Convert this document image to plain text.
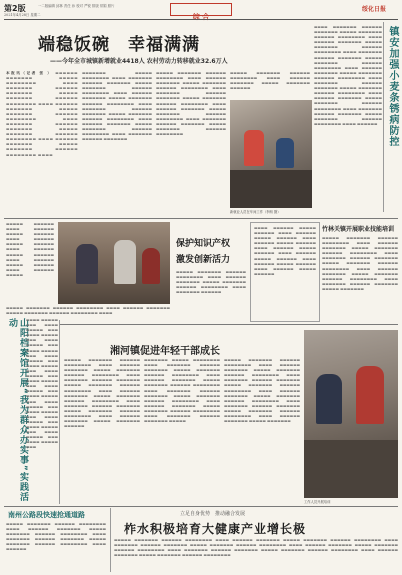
第2版
2021年4月28日 星期二
一二版编辑 邱林 责任 孙 校对 严锐 排版 常娟 照片
综 合
绥化日报
端稳饭碗　幸福满满
——今年全市城镇新增就业4418人 农村劳动力转移就业32.6万人
本报讯（记者 张 ） ▬▬▬▬▬▬ ▬▬▬▬▬▬▬ ▬▬▬▬▬ ▬▬▬▬▬▬▬▬ ▬▬▬▬ ▬▬▬▬▬▬▬ ▬▬▬▬▬▬ ▬▬▬▬▬▬▬ ▬▬▬▬▬ ▬▬▬▬▬▬▬ ▬▬▬▬▬▬ ▬▬▬▬▬▬▬▬ ▬▬▬▬ ▬▬▬▬▬▬ ▬▬▬▬▬▬▬ ▬▬▬▬▬ ▬▬▬▬▬▬▬ ▬▬▬▬▬▬ ▬▬▬▬▬▬▬▬ ▬▬▬▬ ▬▬▬▬▬▬▬ ▬▬▬▬▬▬ ▬▬▬▬▬▬▬ ▬▬▬▬▬ ▬▬▬▬▬▬▬ ▬▬▬▬▬▬ ▬▬▬▬▬▬▬▬ ▬▬▬▬ ▬▬▬▬▬▬ ▬▬▬▬▬▬▬ ▬▬▬▬▬ ▬▬▬▬▬▬▬ ▬▬▬▬▬▬ ▬▬▬▬▬▬▬▬ ▬▬▬▬
▬▬▬▬▬▬▬ ▬▬▬▬▬ ▬▬▬▬▬▬▬▬ ▬▬▬▬ ▬▬▬▬▬▬▬ ▬▬▬▬▬▬ ▬▬▬▬▬▬▬ ▬▬▬▬▬ ▬▬▬▬▬▬▬ ▬▬▬▬▬▬ ▬▬▬▬▬▬▬▬ ▬▬▬▬ ▬▬▬▬▬▬ ▬▬▬▬▬▬▬ ▬▬▬▬▬ ▬▬▬▬▬▬▬ ▬▬▬▬▬▬ ▬▬▬▬▬▬▬▬ ▬▬▬▬ ▬▬▬▬▬▬▬ ▬▬▬▬▬▬ ▬▬▬▬▬▬▬ ▬▬▬▬▬ ▬▬▬▬▬▬▬ ▬▬▬▬▬▬ ▬▬▬▬▬▬▬▬ ▬▬▬▬ ▬▬▬▬▬▬ ▬▬▬▬▬▬▬ ▬▬▬▬▬ ▬▬▬▬▬▬▬ ▬▬▬▬▬▬ ▬▬▬▬▬▬▬▬ ▬▬▬▬ ▬▬▬▬▬▬▬ ▬▬▬▬▬▬ ▬▬▬▬▬▬▬
▬▬▬▬▬ ▬▬▬▬▬▬▬ ▬▬▬▬▬▬ ▬▬▬▬▬▬▬▬ ▬▬▬▬ ▬▬▬▬▬▬ ▬▬▬▬▬▬▬ ▬▬▬▬▬ ▬▬▬▬▬▬▬ ▬▬▬▬▬▬ ▬▬▬▬▬▬▬▬ ▬▬▬▬ ▬▬▬▬▬▬▬ ▬▬▬▬▬▬ ▬▬▬▬▬▬▬ ▬▬▬▬▬ ▬▬▬▬▬▬▬ ▬▬▬▬▬▬ ▬▬▬▬▬▬▬▬ ▬▬▬▬ ▬▬▬▬▬▬ ▬▬▬▬▬▬▬ ▬▬▬▬▬ ▬▬▬▬▬▬▬ ▬▬▬▬▬▬ ▬▬▬▬▬▬▬▬ ▬▬▬▬ ▬▬▬▬▬▬▬ ▬▬▬▬▬▬ ▬▬▬▬▬▬▬ ▬▬▬▬▬ ▬▬▬▬▬▬▬ ▬▬▬▬▬▬ ▬▬▬▬▬▬▬▬
▬▬▬▬▬ ▬▬▬▬▬▬▬ ▬▬▬▬▬▬ ▬▬▬▬▬▬▬▬ ▬▬▬▬ ▬▬▬▬▬▬ ▬▬▬▬▬▬▬ ▬▬▬▬▬ ▬▬▬▬▬▬▬ ▬▬▬▬▬▬
新就业人员在车间工作（李朗 摄）
▬▬▬▬ ▬▬▬▬▬▬▬ ▬▬▬▬▬▬ ▬▬▬▬▬▬▬ ▬▬▬▬▬ ▬▬▬▬▬▬▬ ▬▬▬▬▬▬ ▬▬▬▬▬▬▬▬ ▬▬▬▬ ▬▬▬▬▬▬ ▬▬▬▬▬▬▬ ▬▬▬▬▬ ▬▬▬▬▬▬▬ ▬▬▬▬▬▬ ▬▬▬▬▬▬▬▬ ▬▬▬▬ ▬▬▬▬▬▬▬ ▬▬▬▬▬▬ ▬▬▬▬▬▬▬ ▬▬▬▬▬ ▬▬▬▬▬▬▬ ▬▬▬▬▬▬ ▬▬▬▬▬▬▬▬ ▬▬▬▬ ▬▬▬▬▬▬ ▬▬▬▬▬▬▬ ▬▬▬▬▬ ▬▬▬▬▬▬▬ ▬▬▬▬▬▬ ▬▬▬▬▬▬▬▬ ▬▬▬▬ ▬▬▬▬▬▬▬ ▬▬▬▬▬▬ ▬▬▬▬▬▬▬ ▬▬▬▬▬ ▬▬▬▬▬▬▬ ▬▬▬▬▬▬ ▬▬▬▬▬▬▬▬ ▬▬▬▬ ▬▬▬▬▬▬ ▬▬▬▬▬▬▬ ▬▬▬▬▬ ▬▬▬▬▬▬▬ ▬▬▬▬▬▬ ▬▬▬▬▬▬▬▬ ▬▬▬▬ ▬▬▬▬▬▬▬ ▬▬▬▬▬▬ ▬▬▬▬▬▬▬ ▬▬▬▬▬ ▬▬▬▬▬▬▬ ▬▬▬▬▬▬ ▬▬▬▬▬▬▬▬ ▬▬▬▬ ▬▬▬▬▬▬ 镇安加强小麦条锈病防控
▬▬▬▬▬ ▬▬▬▬▬▬ ▬▬▬▬ ▬▬▬▬▬▬ ▬▬▬▬▬ ▬▬▬▬▬▬ ▬▬▬▬ ▬▬▬▬▬▬ ▬▬▬▬▬ ▬▬▬▬▬▬ ▬▬▬▬ ▬▬▬▬▬▬ ▬▬▬▬▬ ▬▬▬▬▬▬ ▬▬▬▬ ▬▬▬▬▬▬ ▬▬▬▬▬ ▬▬▬▬▬▬ ▬▬▬▬ ▬▬▬▬▬▬ ▬▬▬▬▬
▬▬▬▬▬ ▬▬▬▬▬▬▬ ▬▬▬▬▬▬ ▬▬▬▬▬▬▬▬ ▬▬▬▬ ▬▬▬▬▬▬ ▬▬▬▬▬▬▬ ▬▬▬▬▬ ▬▬▬▬▬▬▬ ▬▬▬▬▬▬ ▬▬▬▬▬▬▬▬ ▬▬▬▬
保护知识产权
激发创新活力
▬▬▬▬▬ ▬▬▬▬▬▬▬ ▬▬▬▬▬▬ ▬▬▬▬▬▬▬▬ ▬▬▬▬ ▬▬▬▬▬▬ ▬▬▬▬▬▬▬ ▬▬▬▬▬ ▬▬▬▬▬▬▬ ▬▬▬▬▬▬ ▬▬▬▬▬▬▬▬ ▬▬▬▬ ▬▬▬▬▬▬▬ ▬▬▬▬▬▬
▬▬▬▬ ▬▬▬▬▬▬ ▬▬▬▬▬ ▬▬▬▬▬▬ ▬▬▬▬ ▬▬▬▬▬▬ ▬▬▬▬▬ ▬▬▬▬▬▬ ▬▬▬▬ ▬▬▬▬▬▬ ▬▬▬▬▬ ▬▬▬▬▬▬ ▬▬▬▬ ▬▬▬▬▬▬ ▬▬▬▬▬ ▬▬▬▬▬▬ ▬▬▬▬ ▬▬▬▬▬▬ ▬▬▬▬▬ ▬▬▬▬▬▬ ▬▬▬▬ ▬▬▬▬▬▬ ▬▬▬▬▬ ▬▬▬▬▬▬ ▬▬▬▬ ▬▬▬▬▬▬ ▬▬▬▬▬ ▬▬▬▬▬▬
竹林关镇开展职业技能培训
▬▬▬▬▬ ▬▬▬▬▬▬▬ ▬▬▬▬▬▬ ▬▬▬▬▬▬▬▬ ▬▬▬▬ ▬▬▬▬▬▬ ▬▬▬▬▬▬▬ ▬▬▬▬▬ ▬▬▬▬▬▬▬ ▬▬▬▬▬▬ ▬▬▬▬▬▬▬▬ ▬▬▬▬ ▬▬▬▬▬▬▬ ▬▬▬▬▬▬ ▬▬▬▬▬▬▬ ▬▬▬▬▬ ▬▬▬▬▬▬▬ ▬▬▬▬▬▬ ▬▬▬▬▬▬▬▬ ▬▬▬▬ ▬▬▬▬▬▬ ▬▬▬▬▬▬▬ ▬▬▬▬▬ ▬▬▬▬▬▬▬ ▬▬▬▬▬▬ ▬▬▬▬▬▬▬▬ ▬▬▬▬ ▬▬▬▬▬▬▬ ▬▬▬▬▬▬ ▬▬▬▬▬▬▬ ▬▬▬▬▬ ▬▬▬▬▬▬▬
山阳档案馆开展“我为群众办实事”实践活动	▬▬▬▬ ▬▬▬▬▬ ▬▬▬ ▬▬▬▬ ▬▬▬▬▬ ▬▬▬ ▬▬▬▬ ▬▬▬▬▬ ▬▬▬ ▬▬▬▬ ▬▬▬▬▬ ▬▬▬ ▬▬▬▬ ▬▬▬▬▬ ▬▬▬ ▬▬▬▬ ▬▬▬▬▬ ▬▬▬ ▬▬▬▬ ▬▬▬▬▬ ▬▬▬ ▬▬▬▬ ▬▬▬▬▬ ▬▬▬ ▬▬▬▬ ▬▬▬▬▬ ▬▬▬ ▬▬▬▬ ▬▬▬▬▬ ▬▬▬ ▬▬▬▬ ▬▬▬▬▬ ▬▬▬ ▬▬▬▬ ▬▬▬▬▬ ▬▬▬ ▬▬▬▬ ▬▬▬▬▬ ▬▬▬ ▬▬▬▬ ▬▬▬▬▬ ▬▬▬ ▬▬▬▬ ▬▬▬▬▬ ▬▬▬ ▬▬▬▬ ▬▬▬▬▬ ▬▬▬ ▬▬▬▬ ▬▬▬▬▬ ▬▬▬
湘河镇促进年轻干部成长
▬▬▬▬▬ ▬▬▬▬▬▬▬ ▬▬▬▬▬▬ ▬▬▬▬▬▬▬▬ ▬▬▬▬ ▬▬▬▬▬▬ ▬▬▬▬▬▬▬ ▬▬▬▬▬ ▬▬▬▬▬▬▬ ▬▬▬▬▬▬ ▬▬▬▬▬▬▬▬ ▬▬▬▬ ▬▬▬▬▬▬▬ ▬▬▬▬▬▬ ▬▬▬▬▬▬▬ ▬▬▬▬▬ ▬▬▬▬▬▬▬ ▬▬▬▬▬▬ ▬▬▬▬▬▬▬▬ ▬▬▬▬ ▬▬▬▬▬▬ ▬▬▬▬▬▬▬ ▬▬▬▬▬ ▬▬▬▬▬▬▬ ▬▬▬▬▬▬ ▬▬▬▬▬▬▬▬ ▬▬▬▬ ▬▬▬▬▬▬▬ ▬▬▬▬▬▬ ▬▬▬▬▬▬▬ ▬▬▬▬▬ ▬▬▬▬▬▬▬ ▬▬▬▬▬▬ ▬▬▬▬▬▬▬▬ ▬▬▬▬ ▬▬▬▬▬▬ ▬▬▬▬▬▬▬ ▬▬▬▬▬ ▬▬▬▬▬▬▬ ▬▬▬▬▬▬
▬▬▬▬▬▬▬ ▬▬▬▬▬ ▬▬▬▬▬▬▬▬ ▬▬▬▬ ▬▬▬▬▬▬▬ ▬▬▬▬▬▬ ▬▬▬▬▬▬▬ ▬▬▬▬▬ ▬▬▬▬▬▬▬ ▬▬▬▬▬▬ ▬▬▬▬▬▬▬▬ ▬▬▬▬ ▬▬▬▬▬▬ ▬▬▬▬▬▬▬ ▬▬▬▬▬ ▬▬▬▬▬▬▬ ▬▬▬▬▬▬ ▬▬▬▬▬▬▬▬ ▬▬▬▬ ▬▬▬▬▬▬▬ ▬▬▬▬▬▬ ▬▬▬▬▬▬▬ ▬▬▬▬▬ ▬▬▬▬▬▬▬ ▬▬▬▬▬▬ ▬▬▬▬▬▬▬▬ ▬▬▬▬ ▬▬▬▬▬▬ ▬▬▬▬▬▬▬ ▬▬▬▬▬ ▬▬▬▬▬▬▬ ▬▬▬▬▬▬ ▬▬▬▬▬▬▬▬ ▬▬▬▬ ▬▬▬▬▬▬▬ ▬▬▬▬▬▬ ▬▬▬▬▬▬▬ ▬▬▬▬▬
▬▬▬▬▬ ▬▬▬▬▬▬▬ ▬▬▬▬▬▬ ▬▬▬▬▬▬▬▬ ▬▬▬▬ ▬▬▬▬▬▬ ▬▬▬▬▬▬▬ ▬▬▬▬▬ ▬▬▬▬▬▬▬ ▬▬▬▬▬▬ ▬▬▬▬▬▬▬▬ ▬▬▬▬ ▬▬▬▬▬▬▬ ▬▬▬▬▬▬ ▬▬▬▬▬▬▬ ▬▬▬▬▬ ▬▬▬▬▬▬▬ ▬▬▬▬▬▬ ▬▬▬▬▬▬▬▬ ▬▬▬▬ ▬▬▬▬▬▬ ▬▬▬▬▬▬▬ ▬▬▬▬▬ ▬▬▬▬▬▬▬ ▬▬▬▬▬▬ ▬▬▬▬▬▬▬▬ ▬▬▬▬ ▬▬▬▬▬▬▬ ▬▬▬▬▬▬ ▬▬▬▬▬▬▬ ▬▬▬▬▬ ▬▬▬▬▬▬▬ ▬▬▬▬▬▬ ▬▬▬▬▬▬▬▬ ▬▬▬▬ ▬▬▬▬▬▬ ▬▬▬▬▬▬▬ ▬▬▬▬▬ ▬▬▬▬▬▬▬
工作人员开展培训
南州公路段快速抢通道路
▬▬▬▬▬ ▬▬▬▬▬▬▬ ▬▬▬▬▬▬ ▬▬▬▬▬▬▬▬ ▬▬▬▬ ▬▬▬▬▬▬ ▬▬▬▬▬▬▬ ▬▬▬▬▬ ▬▬▬▬▬▬▬ ▬▬▬▬▬▬ ▬▬▬▬▬▬▬▬ ▬▬▬▬ ▬▬▬▬▬▬▬ ▬▬▬▬▬▬ ▬▬▬▬▬▬▬ ▬▬▬▬▬ ▬▬▬▬▬▬▬ ▬▬▬▬▬▬ ▬▬▬▬▬▬▬▬ ▬▬▬▬ ▬▬▬▬▬▬
立足自身优势　推动融合发展
柞水积极培育大健康产业增长极
▬▬▬▬▬ ▬▬▬▬▬▬▬ ▬▬▬▬▬▬ ▬▬▬▬▬▬▬▬ ▬▬▬▬ ▬▬▬▬▬▬ ▬▬▬▬▬▬▬ ▬▬▬▬▬ ▬▬▬▬▬▬▬ ▬▬▬▬▬▬ ▬▬▬▬▬▬▬▬ ▬▬▬▬ ▬▬▬▬▬▬▬ ▬▬▬▬▬▬ ▬▬▬▬▬▬▬ ▬▬▬▬▬ ▬▬▬▬▬▬▬ ▬▬▬▬▬▬ ▬▬▬▬▬▬▬▬ ▬▬▬▬ ▬▬▬▬▬▬ ▬▬▬▬▬▬▬ ▬▬▬▬▬ ▬▬▬▬▬▬▬ ▬▬▬▬▬▬ ▬▬▬▬▬▬▬▬ ▬▬▬▬ ▬▬▬▬▬▬▬ ▬▬▬▬▬▬ ▬▬▬▬▬▬▬ ▬▬▬▬▬ ▬▬▬▬▬▬▬ ▬▬▬▬▬▬ ▬▬▬▬▬▬▬▬ ▬▬▬▬ ▬▬▬▬▬▬ ▬▬▬▬▬▬▬ ▬▬▬▬▬ ▬▬▬▬▬▬▬ ▬▬▬▬▬▬ ▬▬▬▬▬▬▬▬
